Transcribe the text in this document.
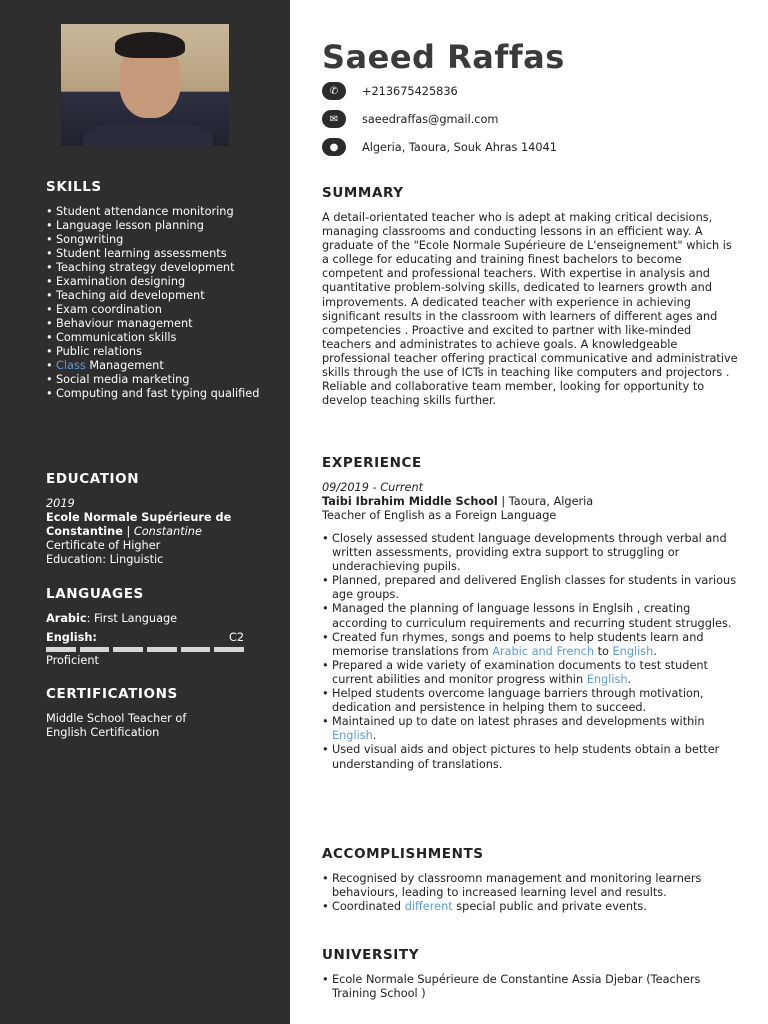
SKILLS
• Student attendance monitoring
• Language lesson planning
• Songwriting
• Student learning assessments
• Teaching strategy development
• Examination designing
• Teaching aid development
• Exam coordination
• Behaviour management
• Communication skills
• Public relations
• Class Management
• Social media marketing
• Computing and fast typing qualified
EDUCATION
2019
Ecole Normale Supérieure de Constantine | Constantine
Certificate of Higher Education: Linguistic
LANGUAGES
Arabic: First Language
English:	C2
Proficient
CERTIFICATIONS
Middle School Teacher of English Certification
Saeed Raffas
✆	+213675425836
✉	saeedraffas@gmail.com
●	Algeria, Taoura, Souk Ahras 14041
SUMMARY
A detail-orientated teacher who is adept at making critical decisions, managing classrooms and conducting lessons in an efficient way. A graduate of the "Ecole Normale Supérieure de L'enseignement" which is a college for educating and training finest bachelors to become competent and professional teachers. With expertise in analysis and quantitative problem-solving skills, dedicated to learners growth and improvements. A dedicated teacher with experience in achieving significant results in the classroom with learners of different ages and competencies . Proactive and excited to partner with like-minded teachers and administrates to achieve goals. A knowledgeable professional teacher offering practical communicative and administrative skills through the use of ICTs in teaching like computers and projectors . Reliable and collaborative team member, looking for opportunity to develop teaching skills further.
EXPERIENCE
09/2019 - Current
Taibi Ibrahim Middle School | Taoura, Algeria
Teacher of English as a Foreign Language
• Closely assessed student language developments through verbal and written assessments, providing extra support to struggling or underachieving pupils.
• Planned, prepared and delivered English classes for students in various age groups.
• Managed the planning of language lessons in Englsih , creating according to curriculum requirements and recurring student struggles.
• Created fun rhymes, songs and poems to help students learn and memorise translations from Arabic and French to English.
• Prepared a wide variety of examination documents to test student current abilities and monitor progress within English.
• Helped students overcome language barriers through motivation, dedication and persistence in helping them to succeed.
• Maintained up to date on latest phrases and developments within English.
• Used visual aids and object pictures to help students obtain a better understanding of translations.
ACCOMPLISHMENTS
• Recognised by classroomn management and monitoring learners behaviours, leading to increased learning level and results.
• Coordinated different special public and private events.
UNIVERSITY
• Ecole Normale Supérieure de Constantine Assia Djebar (Teachers Training School )
